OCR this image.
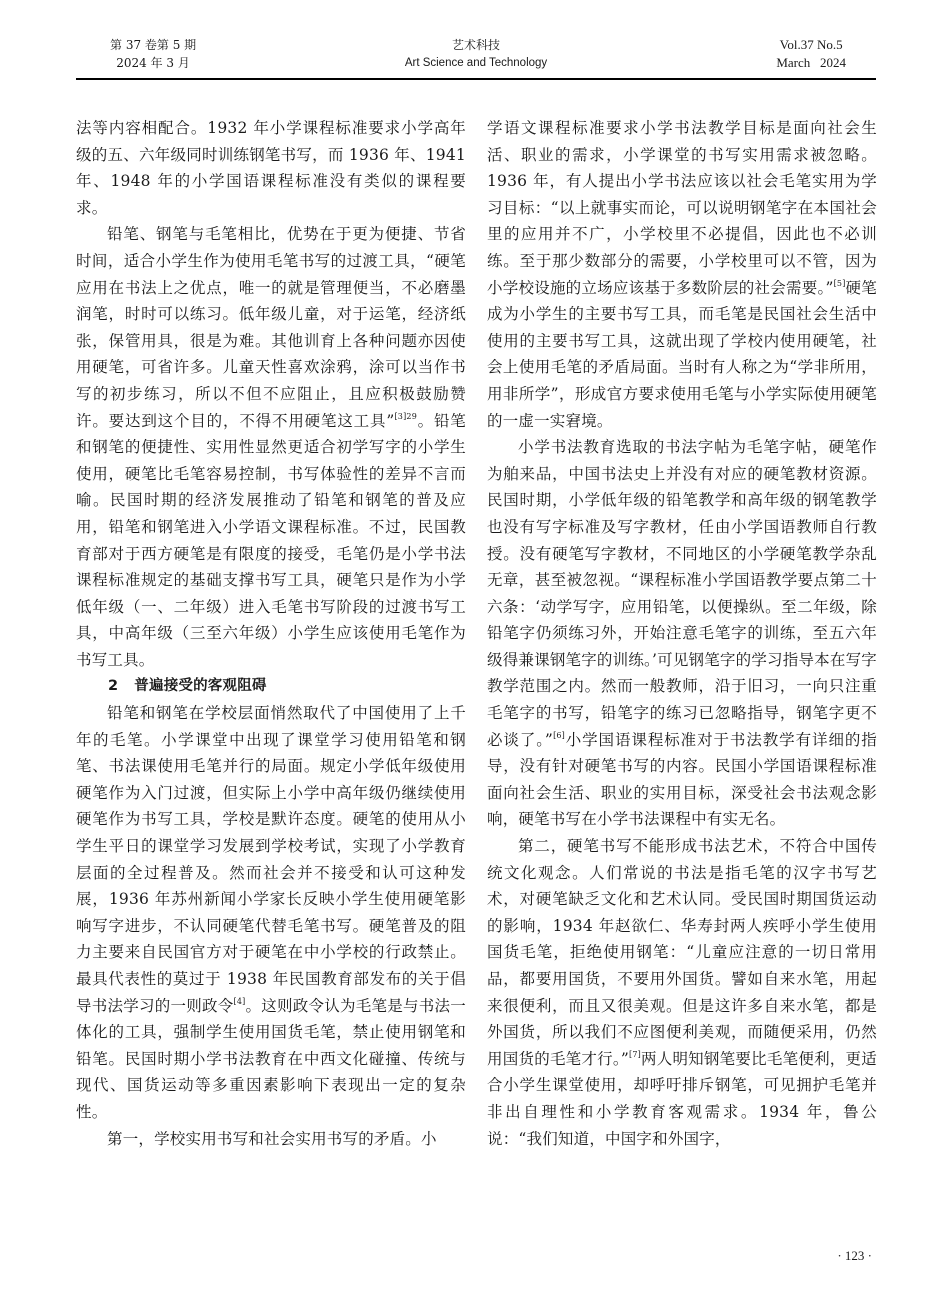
第 37 卷第 5 期
2024 年 3 月
艺术科技
Art Science and Technology
Vol.37 No.5
March   2024

法等内容相配合。1932 年小学课程标准要求小学高年级的五、六年级同时训练钢笔书写，而 1936 年、1941 年、1948 年的小学国语课程标准没有类似的课程要求。

铅笔、钢笔与毛笔相比，优势在于更为便捷、节省时间，适合小学生作为使用毛笔书写的过渡工具，“硬笔应用在书法上之优点，唯一的就是管理便当，不必磨墨润笔，时时可以练习。低年级儿童，对于运笔，经济纸张，保管用具，很是为难。其他训育上各种问题亦因使用硬笔，可省许多。儿童天性喜欢涂鸦，涂可以当作书写的初步练习，所以不但不应阻止，且应积极鼓励赞许。要达到这个目的，不得不用硬笔这工具”$^{[3]29}$。铅笔和钢笔的便捷性、实用性显然更适合初学写字的小学生使用，硬笔比毛笔容易控制，书写体验性的差异不言而喻。民国时期的经济发展推动了铅笔和钢笔的普及应用，铅笔和钢笔进入小学语文课程标准。不过，民国教育部对于西方硬笔是有限度的接受，毛笔仍是小学书法课程标准规定的基础支撑书写工具，硬笔只是作为小学低年级（一、二年级）进入毛笔书写阶段的过渡书写工具，中高年级（三至六年级）小学生应该使用毛笔作为书写工具。

2 普遍接受的客观阻碍

铅笔和钢笔在学校层面悄然取代了中国使用了上千年的毛笔。小学课堂中出现了课堂学习使用铅笔和钢笔、书法课使用毛笔并行的局面。规定小学低年级使用硬笔作为入门过渡，但实际上小学中高年级仍继续使用硬笔作为书写工具，学校是默许态度。硬笔的使用从小学生平日的课堂学习发展到学校考试，实现了小学教育层面的全过程普及。然而社会并不接受和认可这种发展，1936 年苏州新闻小学家长反映小学生使用硬笔影响写字进步，不认同硬笔代替毛笔书写。硬笔普及的阻力主要来自民国官方对于硬笔在中小学校的行政禁止。最具代表性的莫过于 1938 年民国教育部发布的关于倡导书法学习的一则政令[4]。这则政令认为毛笔是与书法一体化的工具，强制学生使用国货毛笔，禁止使用钢笔和铅笔。民国时期小学书法教育在中西文化碰撞、传统与现代、国货运动等多重因素影响下表现出一定的复杂性。

第一，学校实用书写和社会实用书写的矛盾。小

学语文课程标准要求小学书法教学目标是面向社会生活、职业的需求，小学课堂的书写实用需求被忽略。1936 年，有人提出小学书法应该以社会毛笔实用为学习目标：“以上就事实而论，可以说明钢笔字在本国社会里的应用并不广，小学校里不必提倡，因此也不必训练。至于那少数部分的需要，小学校里可以不管，因为小学校设施的立场应该基于多数阶层的社会需要。”[5]硬笔成为小学生的主要书写工具，而毛笔是民国社会生活中使用的主要书写工具，这就出现了学校内使用硬笔，社会上使用毛笔的矛盾局面。当时有人称之为“学非所用，用非所学”，形成官方要求使用毛笔与小学实际使用硬笔的一虚一实窘境。

小学书法教育选取的书法字帖为毛笔字帖，硬笔作为舶来品，中国书法史上并没有对应的硬笔教材资源。民国时期，小学低年级的铅笔教学和高年级的钢笔教学也没有写字标准及写字教材，任由小学国语教师自行教授。没有硬笔写字教材，不同地区的小学硬笔教学杂乱无章，甚至被忽视。“课程标准小学国语教学要点第二十六条：‘动学写字，应用铅笔，以便操纵。至二年级，除铅笔字仍须练习外，开始注意毛笔字的训练，至五六年级得兼课钢笔字的训练。’可见钢笔字的学习指导本在写字教学范围之内。然而一般教师，沿于旧习，一向只注重毛笔字的书写，铅笔字的练习已忽略指导，钢笔字更不必谈了。”[6]小学国语课程标准对于书法教学有详细的指导，没有针对硬笔书写的内容。民国小学国语课程标准面向社会生活、职业的实用目标，深受社会书法观念影响，硬笔书写在小学书法课程中有实无名。

第二，硬笔书写不能形成书法艺术，不符合中国传统文化观念。人们常说的书法是指毛笔的汉字书写艺术，对硬笔缺乏文化和艺术认同。受民国时期国货运动的影响，1934 年赵欲仁、华寿封两人疾呼小学生使用国货毛笔，拒绝使用钢笔：“儿童应注意的一切日常用品，都要用国货，不要用外国货。譬如自来水笔，用起来很便利，而且又很美观。但是这许多自来水笔，都是外国货，所以我们不应图便利美观，而随便采用，仍然用国货的毛笔才行。”[7]两人明知钢笔要比毛笔便利，更适合小学生课堂使用，却呼吁排斥钢笔，可见拥护毛笔并非出自理性和小学教育客观需求。1934 年，鲁公说：“我们知道，中国字和外国字，

· 123 ·
